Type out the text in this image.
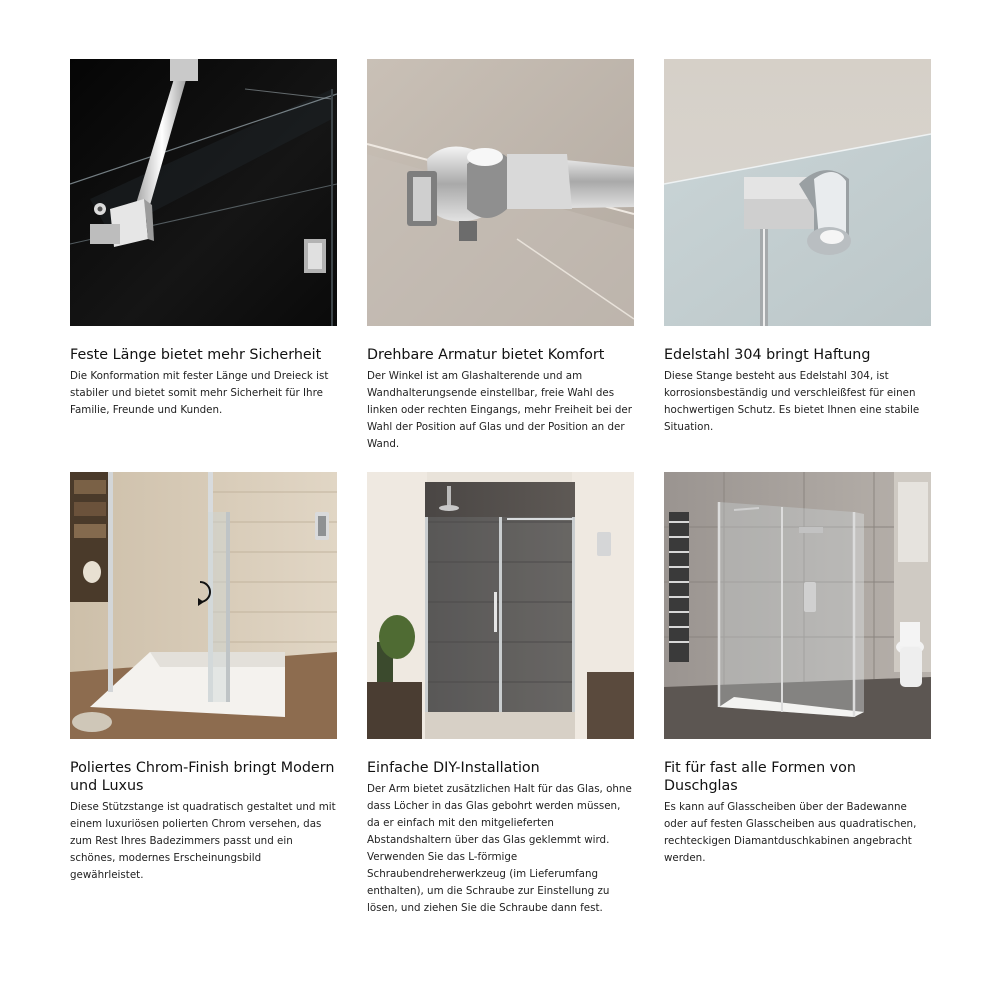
Feste Länge bietet mehr Sicherheit

Die Konformation mit fester Länge und Dreieck ist stabiler und bietet somit mehr Sicherheit für Ihre Familie, Freunde und Kunden.

Drehbare Armatur bietet Komfort

Der Winkel ist am Glashalterende und am Wandhalterungsende einstellbar, freie Wahl des linken oder rechten Eingangs, mehr Freiheit bei der Wahl der Position auf Glas und der Position an der Wand.

Edelstahl 304 bringt Haftung

Diese Stange besteht aus Edelstahl 304, ist korrosionsbeständig und verschleißfest für einen hochwertigen Schutz. Es bietet Ihnen eine stabile Situation.

Poliertes Chrom-Finish bringt Modern und Luxus

Diese Stützstange ist quadratisch gestaltet und mit einem luxuriösen polierten Chrom versehen, das zum Rest Ihres Badezimmers passt und ein schönes, modernes Erscheinungsbild gewährleistet.

Einfache DIY-Installation

Der Arm bietet zusätzlichen Halt für das Glas, ohne dass Löcher in das Glas gebohrt werden müssen, da er einfach mit den mitgelieferten Abstandshaltern über das Glas geklemmt wird. Verwenden Sie das L-förmige Schraubendreherwerkzeug (im Lieferumfang enthalten), um die Schraube zur Einstellung zu lösen, und ziehen Sie die Schraube dann fest.

Fit für fast alle Formen von Duschglas

Es kann auf Glasscheiben über der Badewanne oder auf festen Glasscheiben aus quadratischen, rechteckigen Diamantduschkabinen angebracht werden.
